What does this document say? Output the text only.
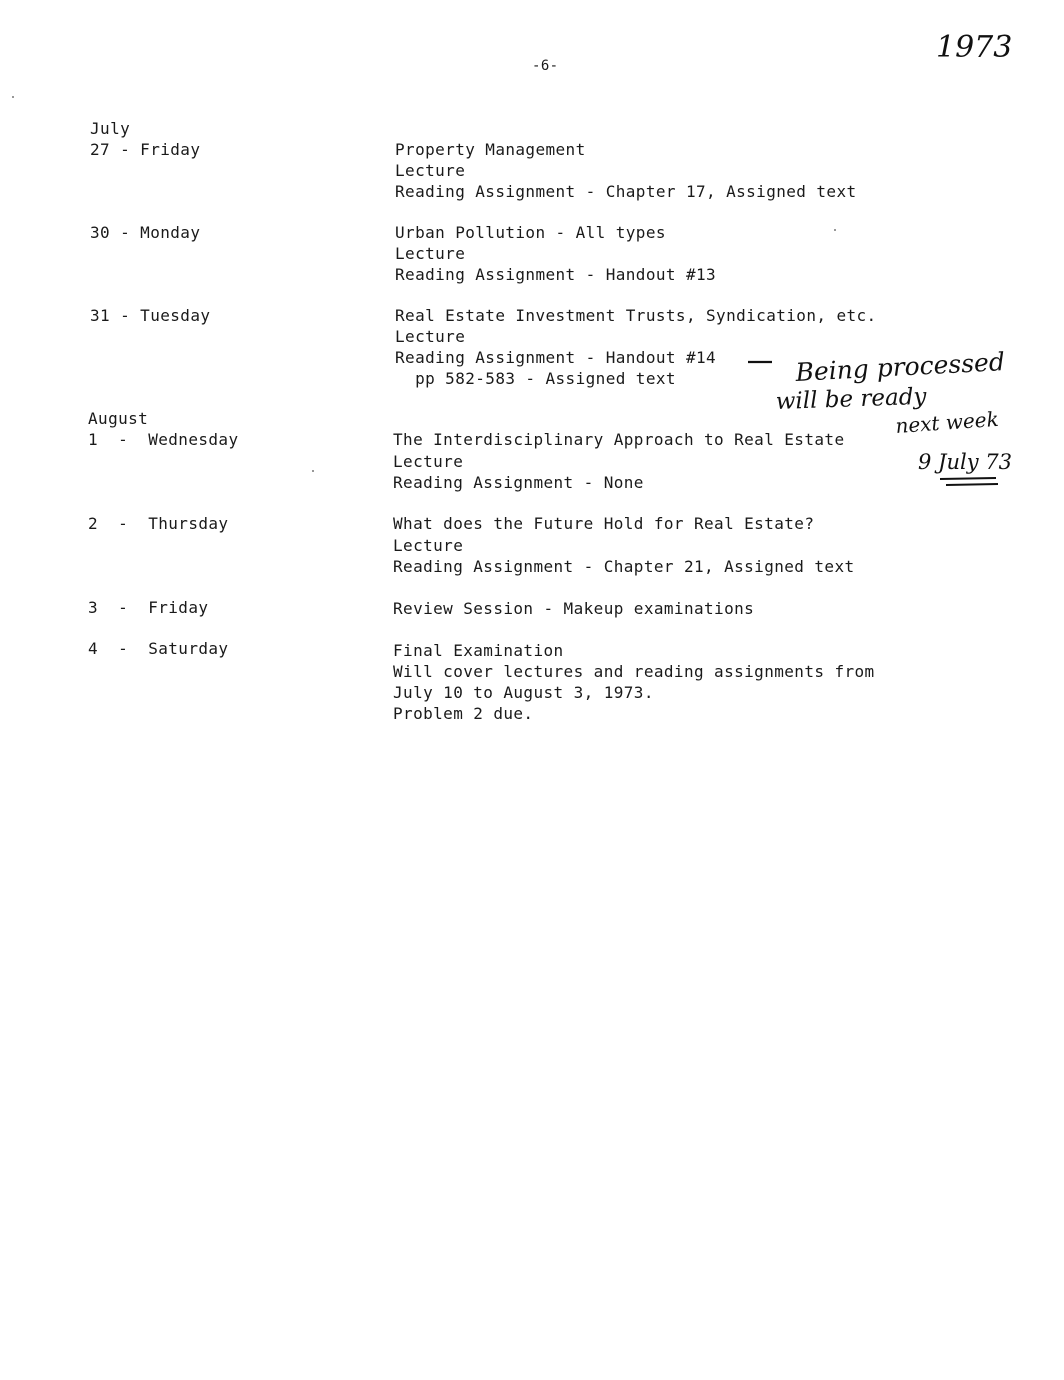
-6-
1973
July
27 - Friday	Property Management
Lecture
Reading Assignment - Chapter 17, Assigned text
30 - Monday	Urban Pollution - All types
Lecture
Reading Assignment - Handout #13
31 - Tuesday	Real Estate Investment Trusts, Syndication, etc.
Lecture
Reading Assignment - Handout #14
pp 582-583 - Assigned text
August
1  -  Wednesday	The Interdisciplinary Approach to Real Estate
Lecture
Reading Assignment - None
2  -  Thursday	What does the Future Hold for Real Estate?
Lecture
Reading Assignment - Chapter 21, Assigned text
3  -  Friday	Review Session - Makeup examinations
4  -  Saturday	Final Examination
Will cover lectures and reading assignments from
July 10 to August 3, 1973.
Problem 2 due.
Being processed
will be ready
next week
9 July 73
